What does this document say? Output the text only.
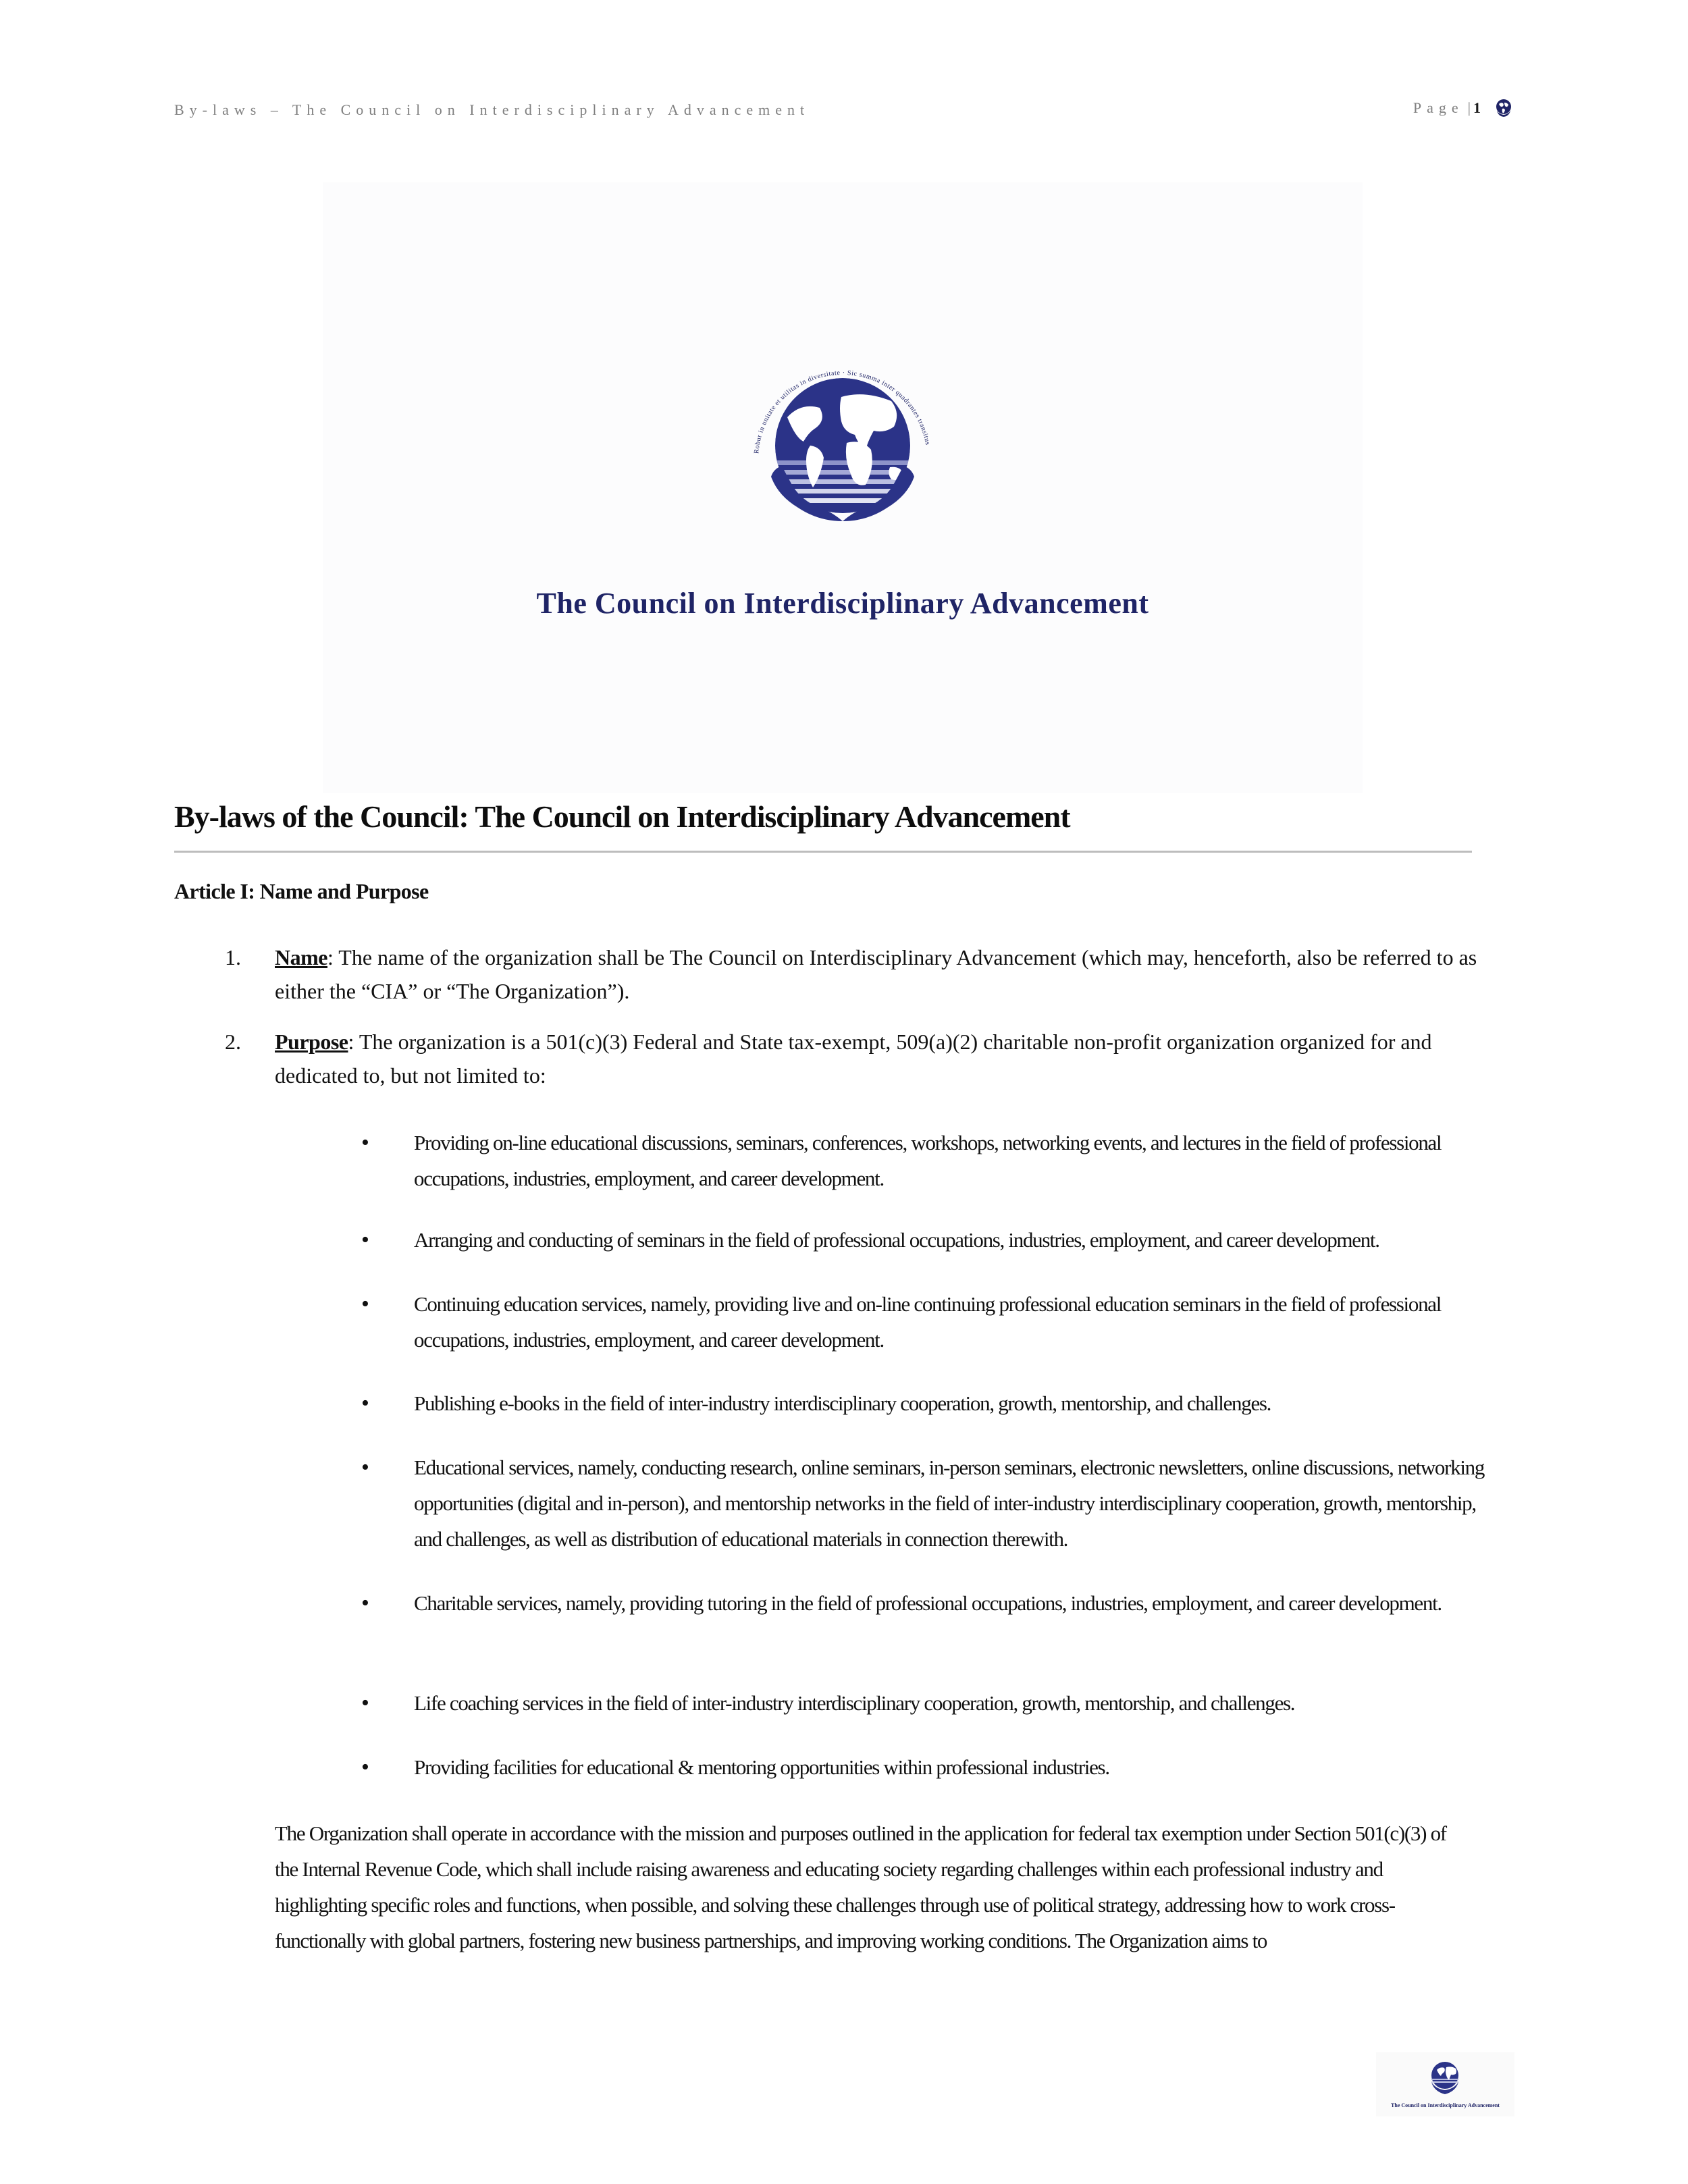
By-laws – The Council on Interdisciplinary Advancement	Page | 1
Robur in unitate et utilitas in diversitate · Sic summa inter quadrantes transitus
The Council on Interdisciplinary Advancement
By-laws of the Council: The Council on Interdisciplinary Advancement
Article I: Name and Purpose
1. Name: The name of the organization shall be The Council on Interdisciplinary Advancement (which may, henceforth, also be referred to as either the “CIA” or “The Organization”).
2. Purpose: The organization is a 501(c)(3) Federal and State tax-exempt, 509(a)(2) charitable non-profit organization organized for and dedicated to, but not limited to:
• Providing on-line educational discussions, seminars, conferences, workshops, networking events, and lectures in the field of professional occupations, industries, employment, and career development.
• Arranging and conducting of seminars in the field of professional occupations, industries, employment, and career development.
• Continuing education services, namely, providing live and on-line continuing professional education seminars in the field of professional occupations, industries, employment, and career development.
• Publishing e-books in the field of inter-industry interdisciplinary cooperation, growth, mentorship, and challenges.
• Educational services, namely, conducting research, online seminars, in-person seminars, electronic newsletters, online discussions, networking opportunities (digital and in-person), and mentorship networks in the field of inter-industry interdisciplinary cooperation, growth, mentorship, and challenges, as well as distribution of educational materials in connection therewith.
• Charitable services, namely, providing tutoring in the field of professional occupations, industries, employment, and career development.
• Life coaching services in the field of inter-industry interdisciplinary cooperation, growth, mentorship, and challenges.
• Providing facilities for educational & mentoring opportunities within professional industries.

The Organization shall operate in accordance with the mission and purposes outlined in the application for federal tax exemption under Section 501(c)(3) of the Internal Revenue Code, which shall include raising awareness and educating society regarding challenges within each professional industry and highlighting specific roles and functions, when possible, and solving these challenges through use of political strategy, addressing how to work cross-functionally with global partners, fostering new business partnerships, and improving working conditions. The Organization aims to

The Council on Interdisciplinary Advancement
